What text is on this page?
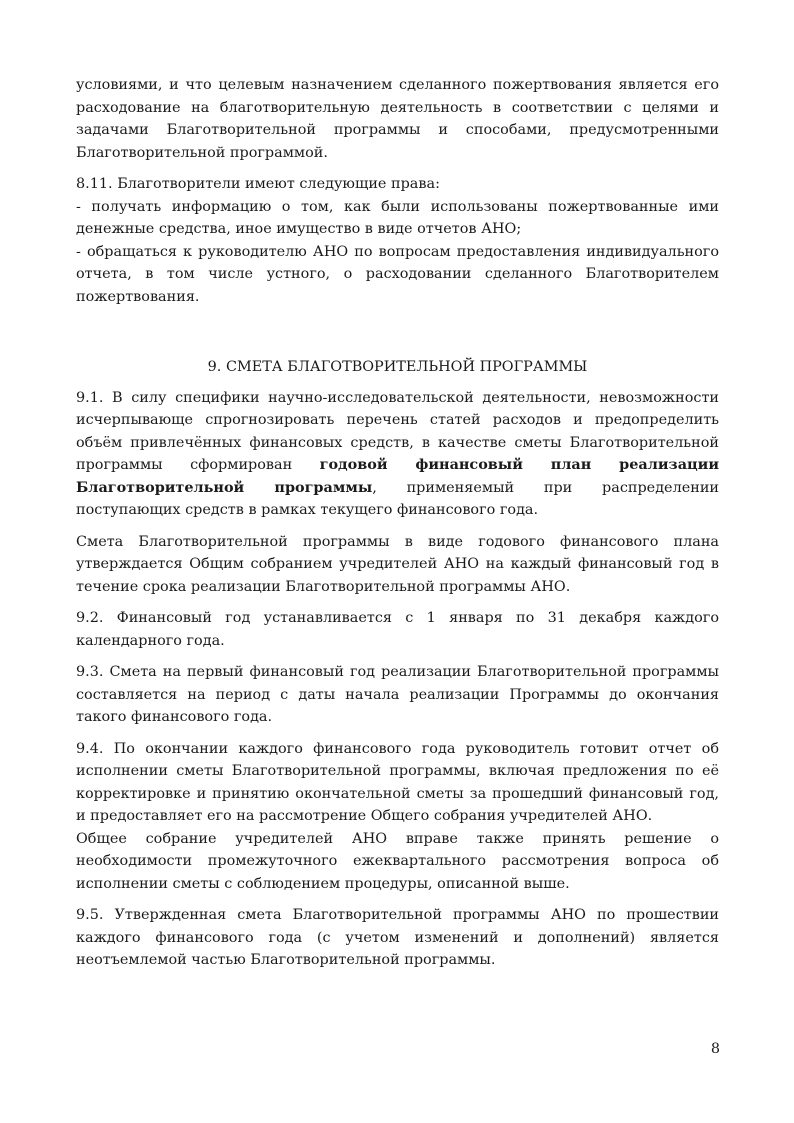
условиями, и что целевым назначением сделанного пожертвования является его расходование на благотворительную деятельность в соответствии с целями и задачами Благотворительной программы и способами, предусмотренными Благотворительной программой.

8.11. Благотворители имеют следующие права:

- получать информацию о том, как были использованы пожертвованные ими денежные средства, иное имущество в виде отчетов АНО;

- обращаться к руководителю АНО по вопросам предоставления индивидуального отчета, в том числе устного, о расходовании сделанного Благотворителем пожертвования.

9. СМЕТА БЛАГОТВОРИТЕЛЬНОЙ ПРОГРАММЫ

9.1. В силу специфики научно-исследовательской деятельности, невозможности исчерпывающе спрогнозировать перечень статей расходов и предопределить объём привлечённых финансовых средств, в качестве сметы Благотворительной программы сформирован годовой финансовый план реализации Благотворительной программы, применяемый при распределении поступающих средств в рамках текущего финансового года.

Смета Благотворительной программы в виде годового финансового плана утверждается Общим собранием учредителей АНО на каждый финансовый год в течение срока реализации Благотворительной программы АНО.

9.2. Финансовый год устанавливается с 1 января по 31 декабря каждого календарного года.

9.3. Смета на первый финансовый год реализации Благотворительной программы составляется на период с даты начала реализации Программы до окончания такого финансового года.

9.4. По окончании каждого финансового года руководитель готовит отчет об исполнении сметы Благотворительной программы, включая предложения по её корректировке и принятию окончательной сметы за прошедший финансовый год, и предоставляет его на рассмотрение Общего собрания учредителей АНО.

Общее собрание учредителей АНО вправе также принять решение о необходимости промежуточного ежеквартального рассмотрения вопроса об исполнении сметы с соблюдением процедуры, описанной выше.

9.5. Утвержденная смета Благотворительной программы АНО по прошествии каждого финансового года (с учетом изменений и дополнений) является неотъемлемой частью Благотворительной программы.

8
